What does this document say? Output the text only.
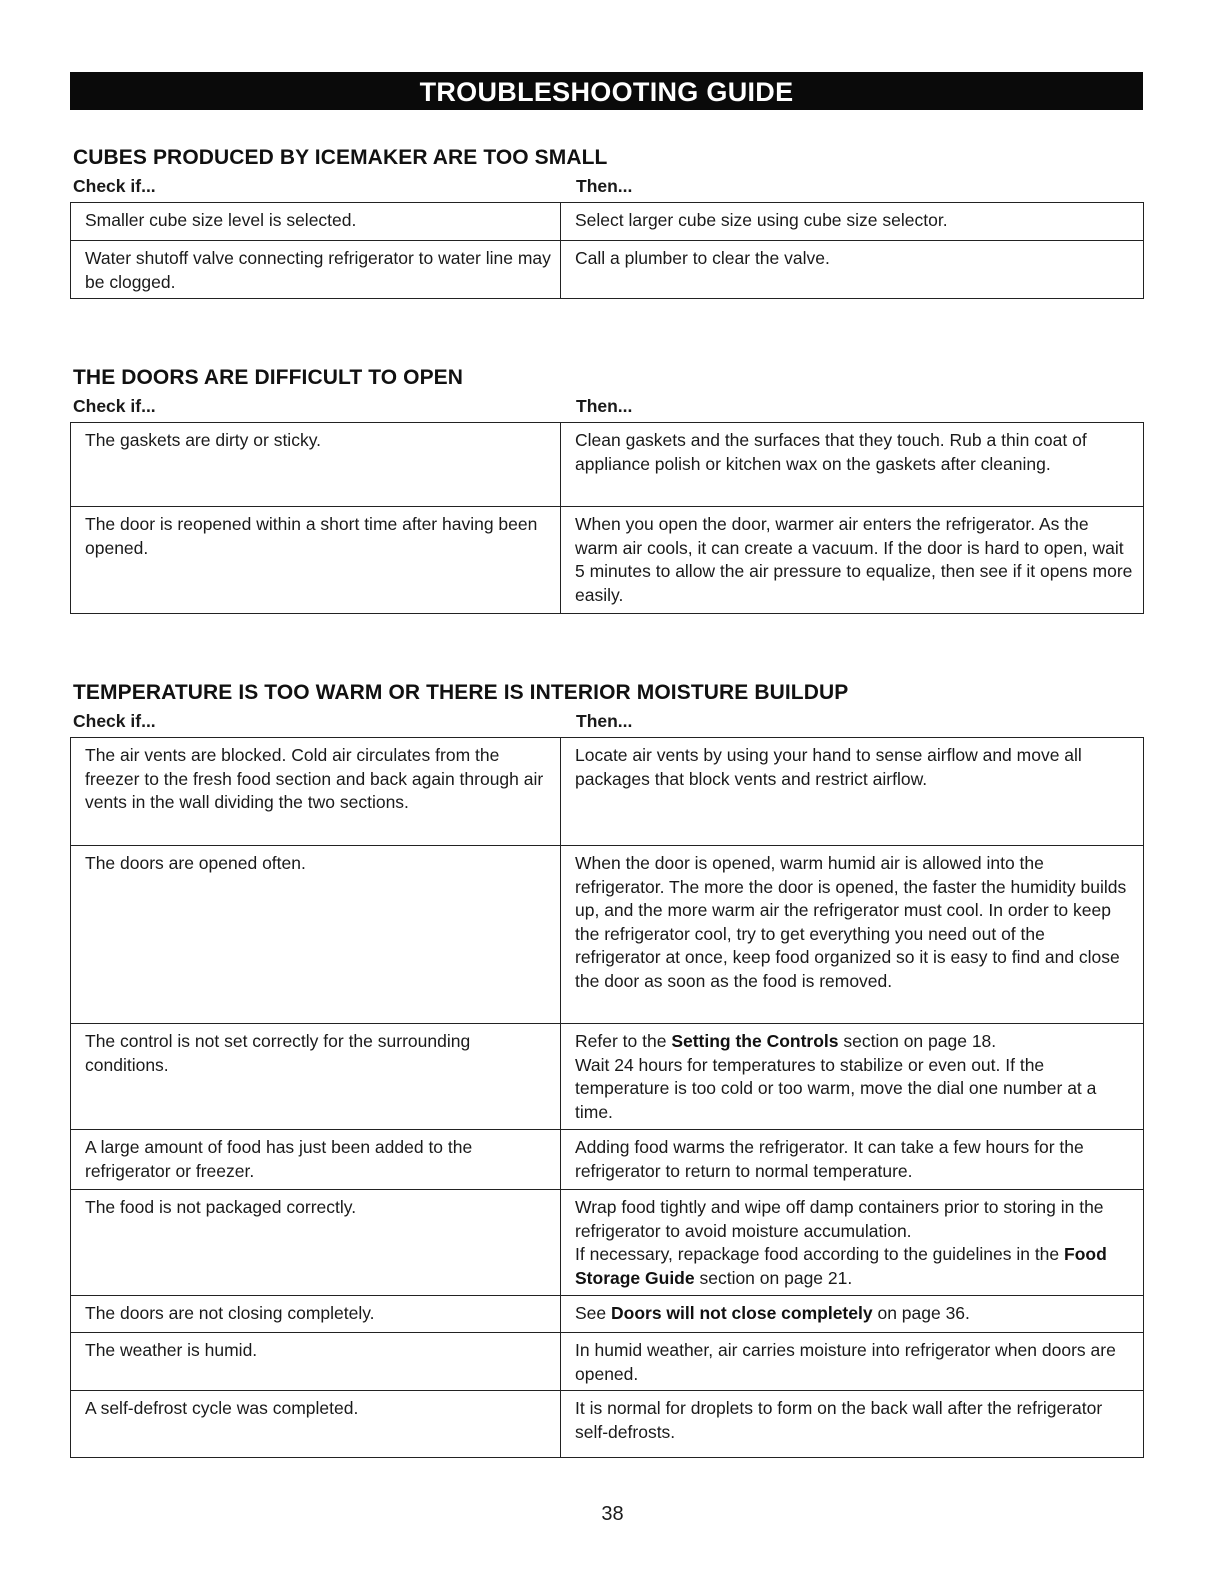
TROUBLESHOOTING GUIDE
CUBES PRODUCED BY ICEMAKER ARE TOO SMALL
Check if...	Then...
Smaller cube size level is selected.	Select larger cube size using cube size selector.
Water shutoff valve connecting refrigerator to water line may be clogged.	Call a plumber to clear the valve.
THE DOORS ARE DIFFICULT TO OPEN
Check if...	Then...
The gaskets are dirty or sticky.	Clean gaskets and the surfaces that they touch. Rub a thin coat of appliance polish or kitchen wax on the gaskets after cleaning.
The door is reopened within a short time after having been opened.	When you open the door, warmer air enters the refrigerator. As the warm air cools, it can create a vacuum. If the door is hard to open, wait 5 minutes to allow the air pressure to equalize, then see if it opens more easily.
TEMPERATURE IS TOO WARM OR THERE IS INTERIOR MOISTURE BUILDUP
Check if...	Then...
The air vents are blocked. Cold air circulates from the freezer to the fresh food section and back again through air vents in the wall dividing the two sections.	Locate air vents by using your hand to sense airflow and move all packages that block vents and restrict airflow.
The doors are opened often.	When the door is opened, warm humid air is allowed into the refrigerator. The more the door is opened, the faster the humidity builds up, and the more warm air the refrigerator must cool. In order to keep the refrigerator cool, try to get everything you need out of the refrigerator at once, keep food organized so it is easy to find and close the door as soon as the food is removed.
The control is not set correctly for the surrounding conditions.	Refer to the Setting the Controls section on page 18.
Wait 24 hours for temperatures to stabilize or even out. If the temperature is too cold or too warm, move the dial one number at a time.
A large amount of food has just been added to the refrigerator or freezer.	Adding food warms the refrigerator. It can take a few hours for the refrigerator to return to normal temperature.
The food is not packaged correctly.	Wrap food tightly and wipe off damp containers prior to storing in the refrigerator to avoid moisture accumulation.
If necessary, repackage food according to the guidelines in the Food Storage Guide section on page 21.
The doors are not closing completely.	See Doors will not close completely on page 36.
The weather is humid.	In humid weather, air carries moisture into refrigerator when doors are opened.
A self-defrost cycle was completed.	It is normal for droplets to form on the back wall after the refrigerator self-defrosts.
38
